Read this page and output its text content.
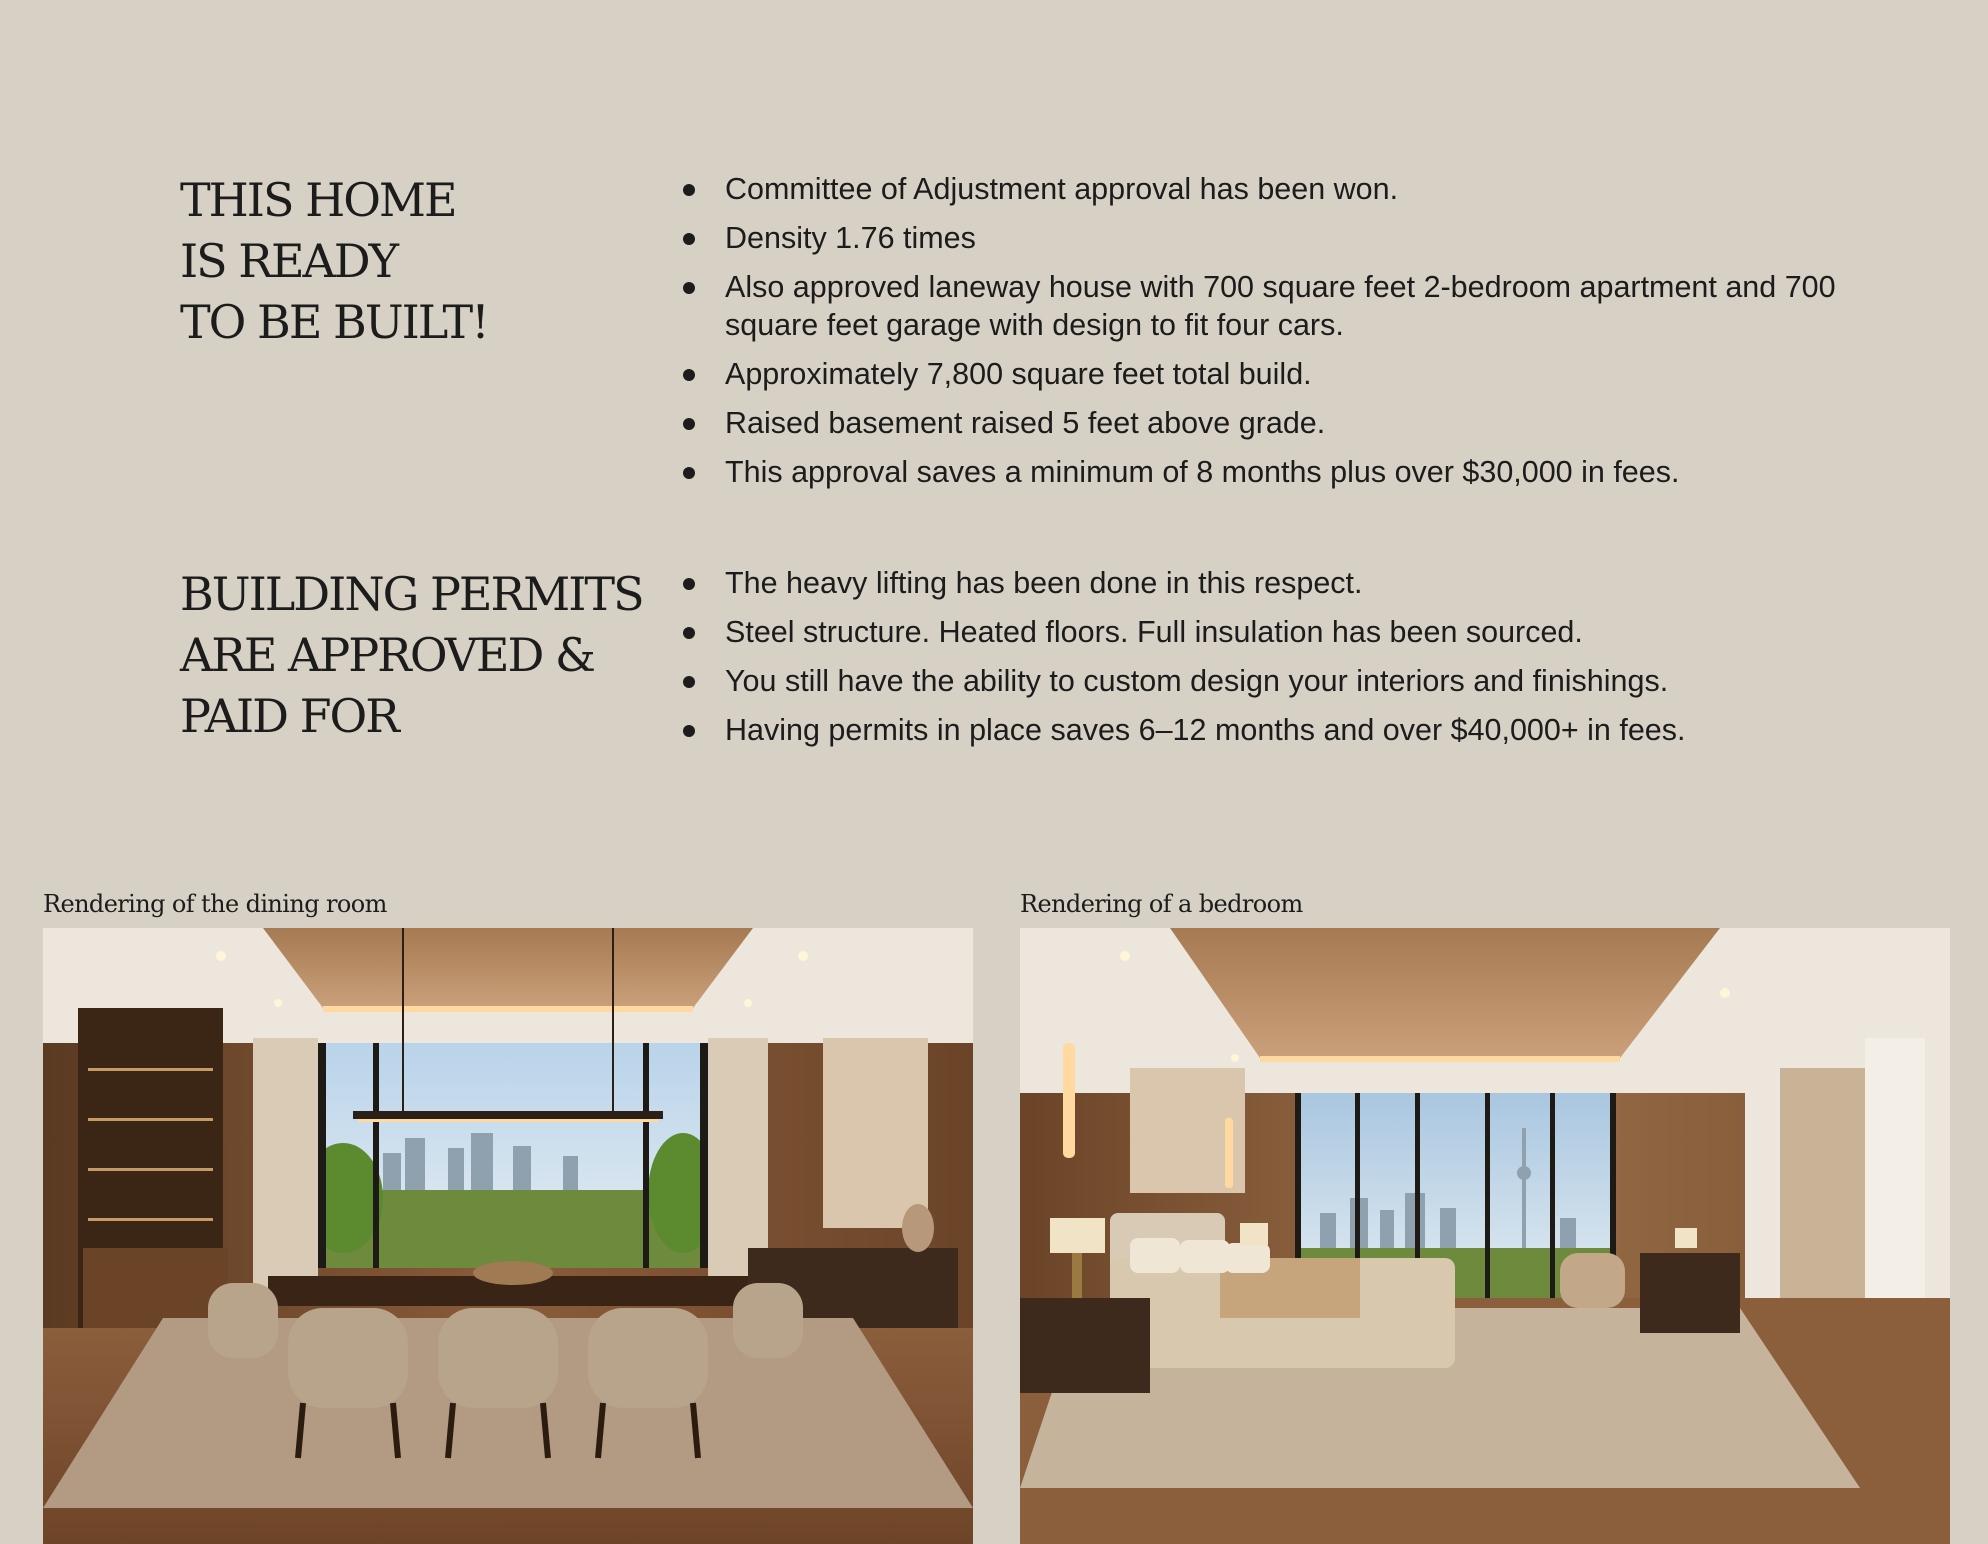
THIS HOME
IS READY
TO BE BUILT!
Committee of Adjustment approval has been won.
Density 1.76 times
Also approved laneway house with 700 square feet 2-bedroom apartment and 700 square feet garage with design to fit four cars.
Approximately 7,800 square feet total build.
Raised basement raised 5 feet above grade.
This approval saves a minimum of 8 months plus over $30,000 in fees.
BUILDING PERMITS
ARE APPROVED &
PAID FOR
The heavy lifting has been done in this respect.
Steel structure. Heated floors. Full insulation has been sourced.
You still have the ability to custom design your interiors and finishings.
Having permits in place saves 6–12 months and over $40,000+ in fees.
Rendering of the dining room	Rendering of a bedroom
